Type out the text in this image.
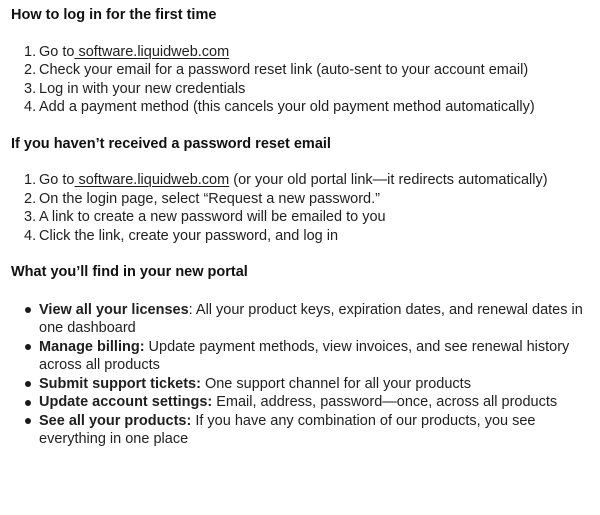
How to log in for the first time
1. Go to software.liquidweb.com
2. Check your email for a password reset link (auto-sent to your account email)
3. Log in with your new credentials
4. Add a payment method (this cancels your old payment method automatically)
If you haven’t received a password reset email
1. Go to software.liquidweb.com (or your old portal link—it redirects automatically)
2. On the login page, select “Request a new password.”
3. A link to create a new password will be emailed to you
4. Click the link, create your password, and log in
What you’ll find in your new portal
View all your licenses: All your product keys, expiration dates, and renewal dates in one dashboard
Manage billing: Update payment methods, view invoices, and see renewal history across all products
Submit support tickets: One support channel for all your products
Update account settings: Email, address, password—once, across all products
See all your products: If you have any combination of our products, you see everything in one place
